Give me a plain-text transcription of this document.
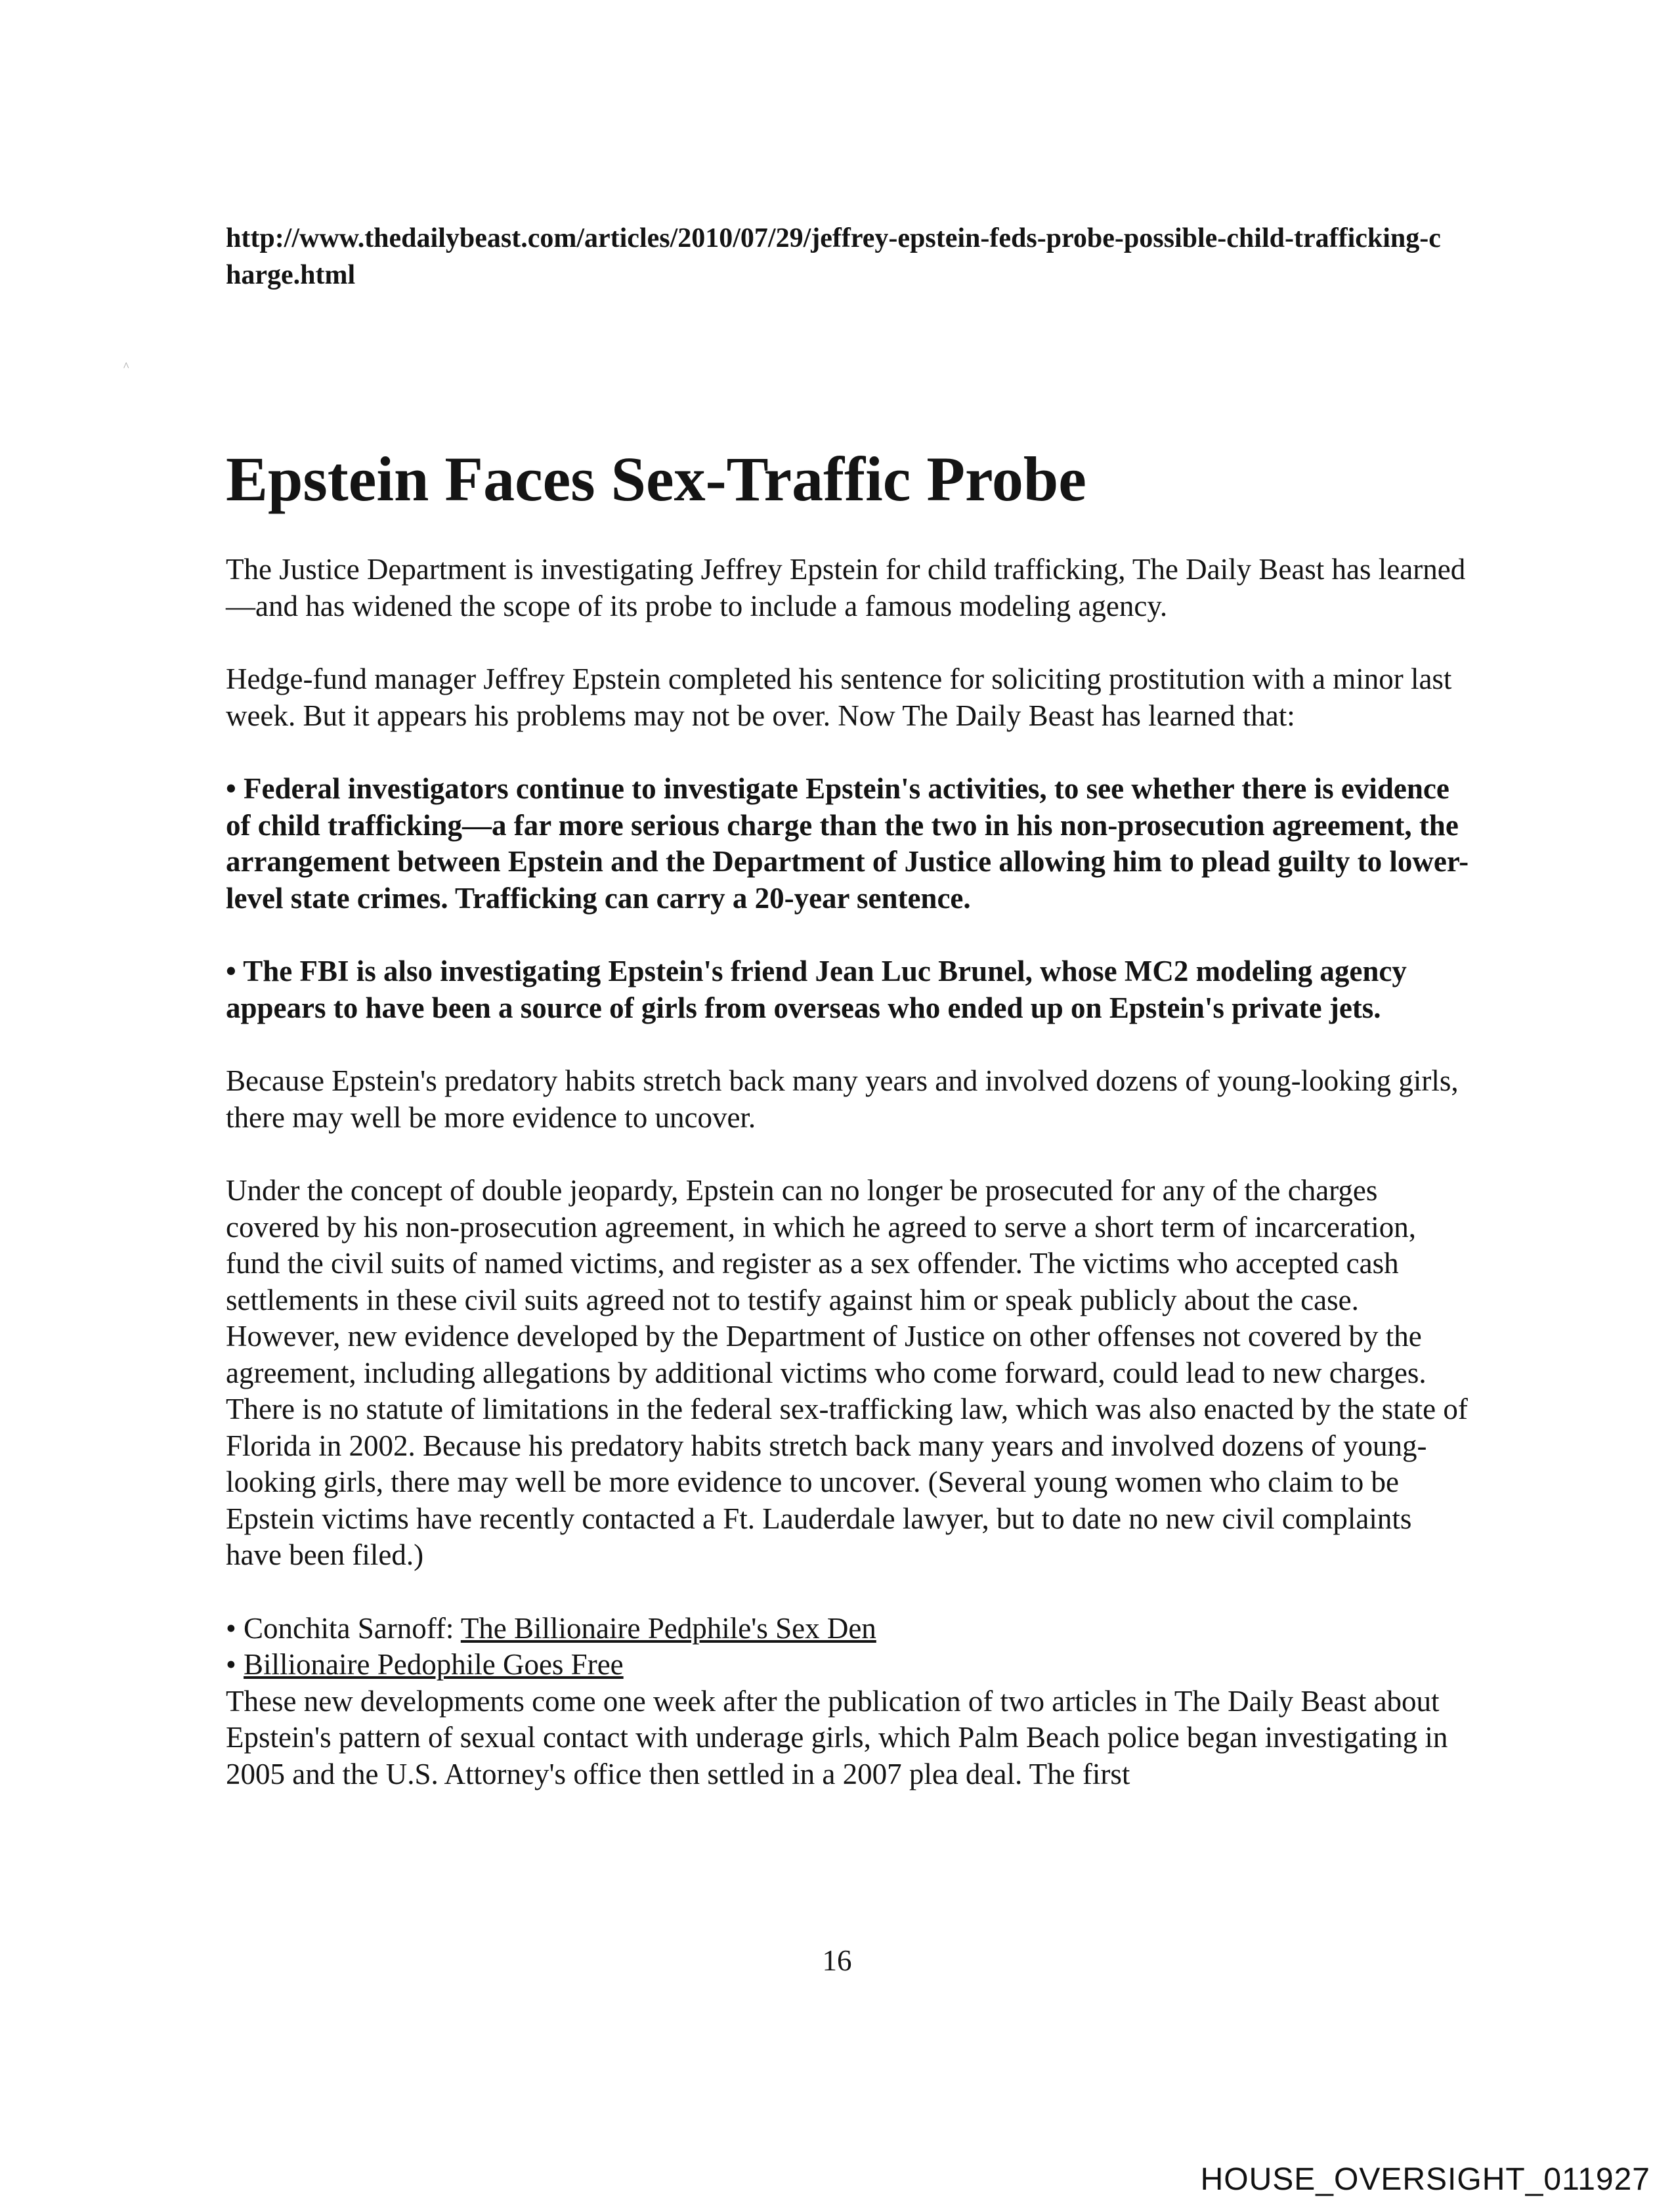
^

http://www.thedailybeast.com/articles/2010/07/29/jeffrey-epstein-feds-probe-possible-child-trafficking-charge.html

Epstein Faces Sex-Traffic Probe

The Justice Department is investigating Jeffrey Epstein for child trafficking, The Daily Beast has learned—and has widened the scope of its probe to include a famous modeling agency.

Hedge-fund manager Jeffrey Epstein completed his sentence for soliciting prostitution with a minor last week. But it appears his problems may not be over. Now The Daily Beast has learned that:

• Federal investigators continue to investigate Epstein's activities, to see whether there is evidence of child trafficking—a far more serious charge than the two in his non-prosecution agreement, the arrangement between Epstein and the Department of Justice allowing him to plead guilty to lower-level state crimes. Trafficking can carry a 20-year sentence.

• The FBI is also investigating Epstein's friend Jean Luc Brunel, whose MC2 modeling agency appears to have been a source of girls from overseas who ended up on Epstein's private jets.

Because Epstein's predatory habits stretch back many years and involved dozens of young-looking girls, there may well be more evidence to uncover.

Under the concept of double jeopardy, Epstein can no longer be prosecuted for any of the charges covered by his non-prosecution agreement, in which he agreed to serve a short term of incarceration, fund the civil suits of named victims, and register as a sex offender. The victims who accepted cash settlements in these civil suits agreed not to testify against him or speak publicly about the case. However, new evidence developed by the Department of Justice on other offenses not covered by the agreement, including allegations by additional victims who come forward, could lead to new charges. There is no statute of limitations in the federal sex-trafficking law, which was also enacted by the state of Florida in 2002. Because his predatory habits stretch back many years and involved dozens of young-looking girls, there may well be more evidence to uncover. (Several young women who claim to be Epstein victims have recently contacted a Ft. Lauderdale lawyer, but to date no new civil complaints have been filed.)

• Conchita Sarnoff: The Billionaire Pedphile's Sex Den

• Billionaire Pedophile Goes Free

These new developments come one week after the publication of two articles in The Daily Beast about Epstein's pattern of sexual contact with underage girls, which Palm Beach police began investigating in 2005 and the U.S. Attorney's office then settled in a 2007 plea deal. The first

16
HOUSE_OVERSIGHT_011927
